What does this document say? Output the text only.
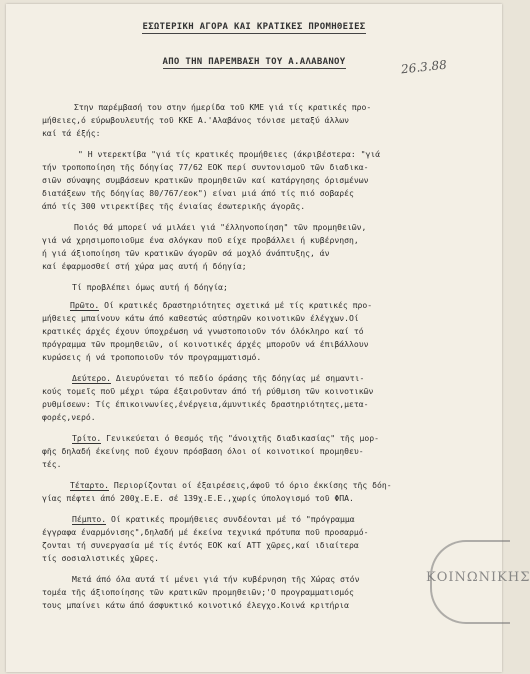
ΕΣΩΤΕΡΙΚΗ ΑΓΟΡΑ ΚΑΙ ΚΡΑΤΙΚΕΣ ΠΡΟΜΗΘΕΙΕΣ
ΑΠΟ ΤΗΝ ΠΑΡΕΜΒΑΣΗ ΤΟΥ Α.ΑΛΑΒΑΝΟΥ	26.3.88
Στην παρέμβασή του στην ήμερίδα τοῦ ΚΜΕ γιά τίς κρατικές προ-
μήθειες,ό εύρωβουλευτής τοῦ ΚΚΕ Α.'Αλαβάνος τόνισε μεταξύ άλλων
καί τά έξής:
" Η ντερεκτίβα "γιά τίς κρατικές προμήθειες (άκριβέστερα: "γιά
τήν τροποποίηση τῆς δόηγίας 77/62 ΕΟΚ περί συντονισμοῦ τῶν διαδικα-
σιῶν σύναψης συμβάσεων κρατικῶν προμηθειῶν καί κατάργησης όρισμένων
διατάξεων τῆς δόηγίας 80/767/εοκ") είναι μιά άπό τίς πιό σοβαρές
άπό τίς 300 ντιρεκτίβες τῆς ένιαίας έσωτερικῆς άγορᾶς.
Ποιός θά μπορεί νά μιλάει γιά "έλληνοποίηση" τῶν προμηθειῶν,
γιά νά χρησιμοποιοῦμε ένα σλόγκαν ποῦ είχε προβάλλει ή κυβέρνηση,
ή γιά άξιοποίηση τῶν κρατικῶν άγορῶν σά μοχλό άνάπτυξης, άν
καί έφαρμοσθεί στή χώρα μας αυτή ή δόηγία;
Τί προβλέπει όμως αυτή ή δόηγία;
Πρῶτο. Οί κρατικές δραστηριότητες σχετικά μέ τίς κρατικές προ-
μήθειες μπαίνουν κάτω άπό καθεστώς αύστηρῶν κοινοτικῶν έλέγχων.Οί
κρατικές άρχές έχουν ύποχρέωση νά γνωστοποιοῦν τόν όλόκληρο καί τό
πρόγραμμα τῶν προμηθειῶν, οί κοινοτικές άρχές μποροῦν νά έπιβάλλουν
κυρώσεις ή νά τροποποιοῦν τόν προγραμματισμό.
Δεύτερο. Διευρύνεται τό πεδίο όράσης τῆς δόηγίας μέ σημαντι-
κούς τομεῖς ποῦ μέχρι τώρα έξαιροῦνταν άπό τή ρύθμιση τῶν κοινοτικῶν
ρυθμίσεων: Τίς έπικοινωνίες,ένέργεια,άμυντικές δραστηριότητες,μετα-
φορές,νερό.
Τρίτο. Γενικεύεται ό θεσμός τῆς "άνοιχτῆς διαδικασίας" τῆς μορ-
φῆς δηλαδή έκείνης ποῦ έχουν πρόσβαση όλοι οί κοινοτικοί προμηθευ-
τές.
Τέταρτο. Περιορίζονται οί έξαιρέσεις,άφοῦ τό όριο έκκίσης τῆς δόη-
γίας πέφτει άπό 200χ.Ε.Ε. σέ 139χ.Ε.Ε.,χωρίς ύπολογισμό τοῦ ΦΠΑ.
Πέμπτο. Οί κρατικές προμήθειες συνδέονται μέ τό "πρόγραμμα
έγγραφα έναρμόνισης",δηλαδή μέ έκείνα τεχνικά πρότυπα ποῦ προσαρμό-
ζονται τή συνεργασία μέ τίς έντός ΕΟΚ καί ΑΤΤ χῶρες,καί ιδιαίτερα
τίς σοσιαλιστικές χῶρες.
Μετά άπό όλα αυτά τί μένει γιά τήν κυβέρνηση τῆς Χώρας στόν
τομέα τῆς άξιοποίησης τῶν κρατικῶν προμηθειῶν;'Ο προγραμματισμός
τους μπαίνει κάτω άπό άσφυκτικό κοινοτικό έλεγχο.Κοινά κριτήρια
ΚΟΙΝΩΝΙΚΗΣ
